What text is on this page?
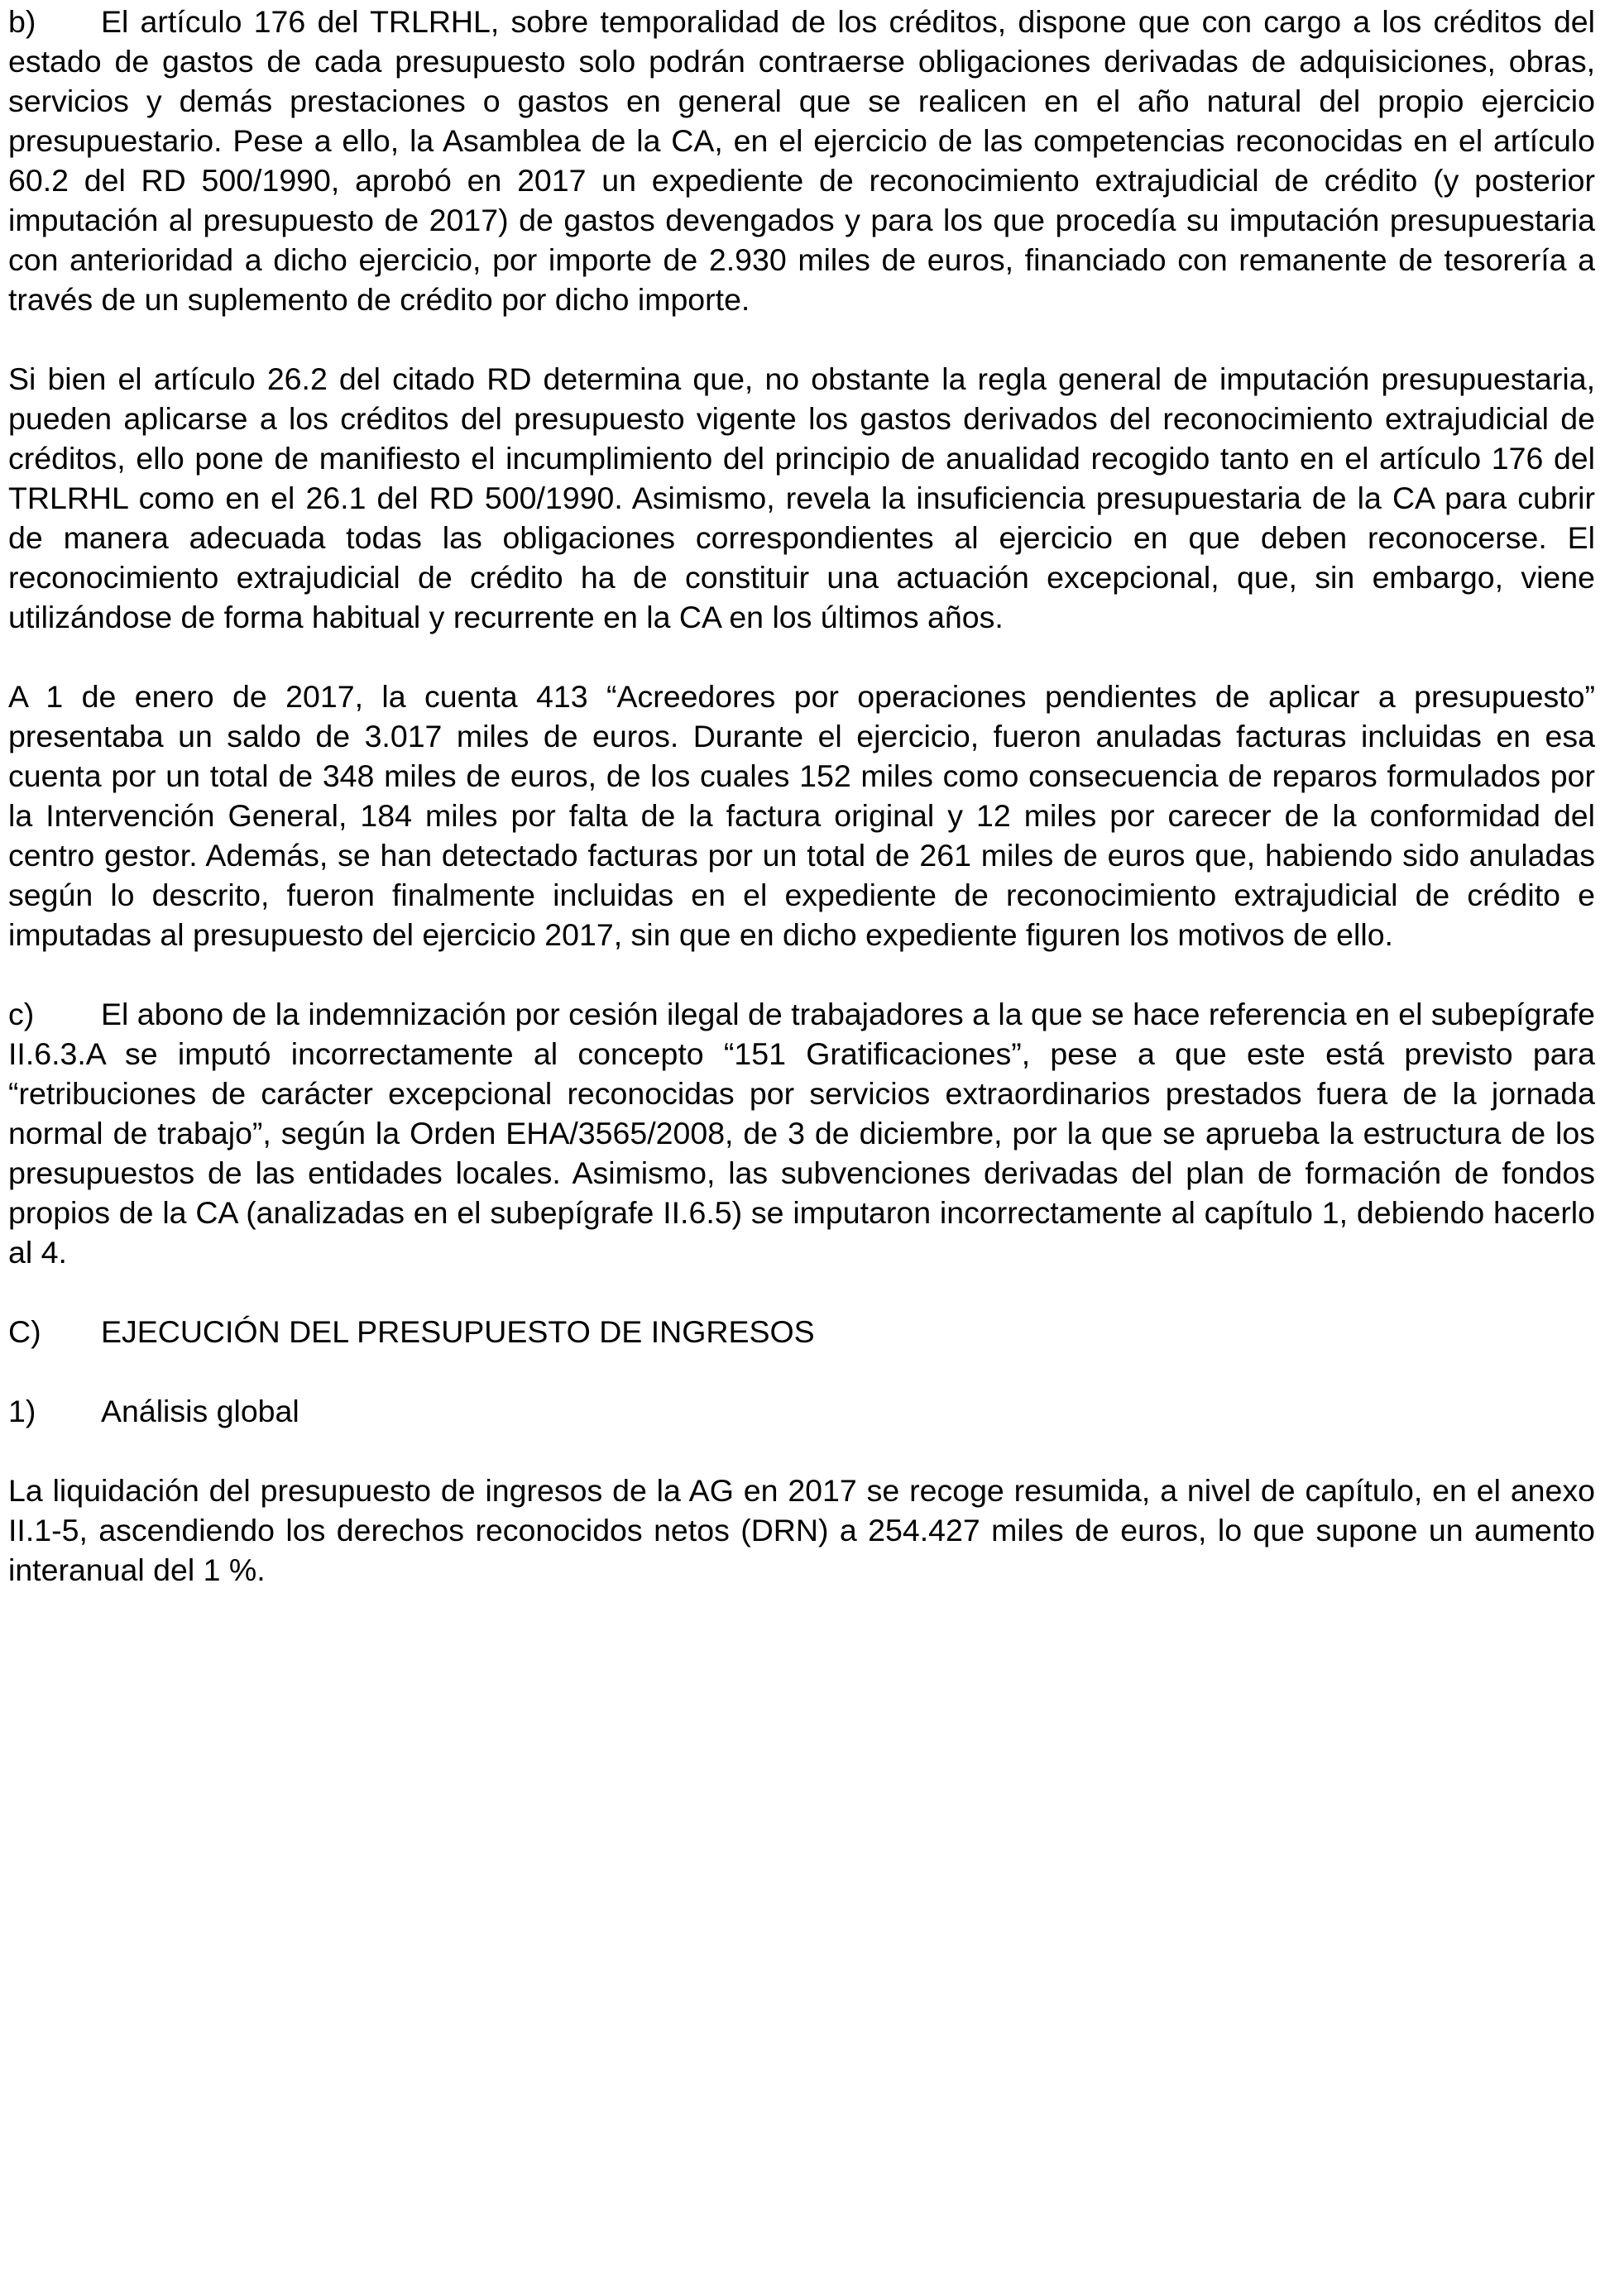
b) El artículo 176 del TRLRHL, sobre temporalidad de los créditos, dispone que con cargo a los créditos del estado de gastos de cada presupuesto solo podrán contraerse obligaciones derivadas de adquisiciones, obras, servicios y demás prestaciones o gastos en general que se realicen en el año natural del propio ejercicio presupuestario. Pese a ello, la Asamblea de la CA, en el ejercicio de las competencias reconocidas en el artículo 60.2 del RD 500/1990, aprobó en 2017 un expediente de reconocimiento extrajudicial de crédito (y posterior imputación al presupuesto de 2017) de gastos devengados y para los que procedía su imputación presupuestaria con anterioridad a dicho ejercicio, por importe de 2.930 miles de euros, financiado con remanente de tesorería a través de un suplemento de crédito por dicho importe.

Si bien el artículo 26.2 del citado RD determina que, no obstante la regla general de imputación presupuestaria, pueden aplicarse a los créditos del presupuesto vigente los gastos derivados del reconocimiento extrajudicial de créditos, ello pone de manifiesto el incumplimiento del principio de anualidad recogido tanto en el artículo 176 del TRLRHL como en el 26.1 del RD 500/1990. Asimismo, revela la insuficiencia presupuestaria de la CA para cubrir de manera adecuada todas las obligaciones correspondientes al ejercicio en que deben reconocerse. El reconocimiento extrajudicial de crédito ha de constituir una actuación excepcional, que, sin embargo, viene utilizándose de forma habitual y recurrente en la CA en los últimos años.

A 1 de enero de 2017, la cuenta 413 “Acreedores por operaciones pendientes de aplicar a presupuesto” presentaba un saldo de 3.017 miles de euros. Durante el ejercicio, fueron anuladas facturas incluidas en esa cuenta por un total de 348 miles de euros, de los cuales 152 miles como consecuencia de reparos formulados por la Intervención General, 184 miles por falta de la factura original y 12 miles por carecer de la conformidad del centro gestor. Además, se han detectado facturas por un total de 261 miles de euros que, habiendo sido anuladas según lo descrito, fueron finalmente incluidas en el expediente de reconocimiento extrajudicial de crédito e imputadas al presupuesto del ejercicio 2017, sin que en dicho expediente figuren los motivos de ello.

c) El abono de la indemnización por cesión ilegal de trabajadores a la que se hace referencia en el subepígrafe II.6.3.A se imputó incorrectamente al concepto “151 Gratificaciones”, pese a que este está previsto para “retribuciones de carácter excepcional reconocidas por servicios extraordinarios prestados fuera de la jornada normal de trabajo”, según la Orden EHA/3565/2008, de 3 de diciembre, por la que se aprueba la estructura de los presupuestos de las entidades locales. Asimismo, las subvenciones derivadas del plan de formación de fondos propios de la CA (analizadas en el subepígrafe II.6.5) se imputaron incorrectamente al capítulo 1, debiendo hacerlo al 4.

C) EJECUCIÓN DEL PRESUPUESTO DE INGRESOS
1) Análisis global

La liquidación del presupuesto de ingresos de la AG en 2017 se recoge resumida, a nivel de capítulo, en el anexo II.1-5, ascendiendo los derechos reconocidos netos (DRN) a 254.427 miles de euros, lo que supone un aumento interanual del 1 %.
